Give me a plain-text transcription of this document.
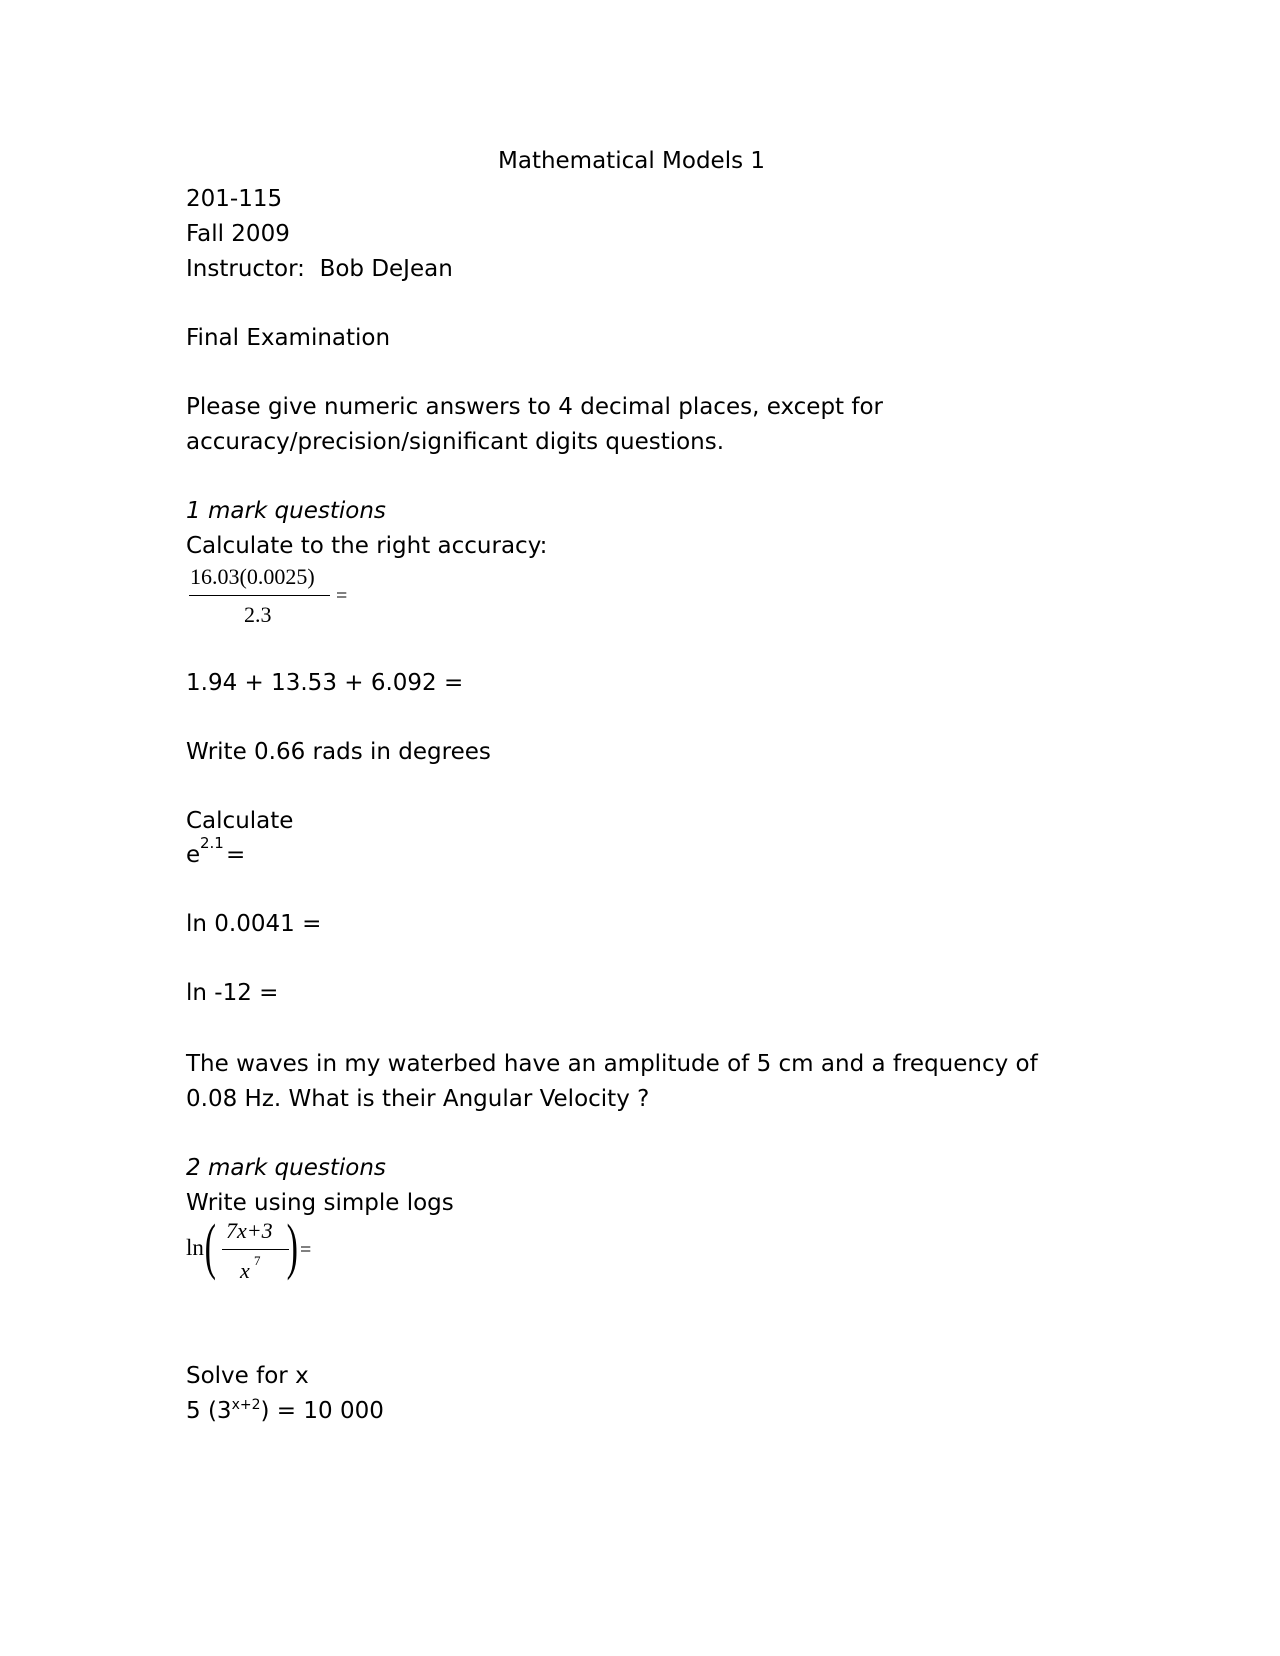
Mathematical Models 1
201-115
Fall 2009
Instructor: Bob DeJean
Final Examination
Please give numeric answers to 4 decimal places, except for
accuracy/precision/significant digits questions.
1 mark questions
Calculate to the right accuracy:
16.03(0.0025)
2.3
=
1.94 + 13.53 + 6.092 =
Write 0.66 rads in degrees
Calculate
e 2.1 =
ln 0.0041 =
ln -12 =
The waves in my waterbed have an amplitude of 5 cm and a frequency of
0.08 Hz. What is their Angular Velocity ?
2 mark questions
Write using simple logs
ln ( 7x+3
x 7 ) =
Solve for x
5 $(3^{x+2}) = 10$ 000
